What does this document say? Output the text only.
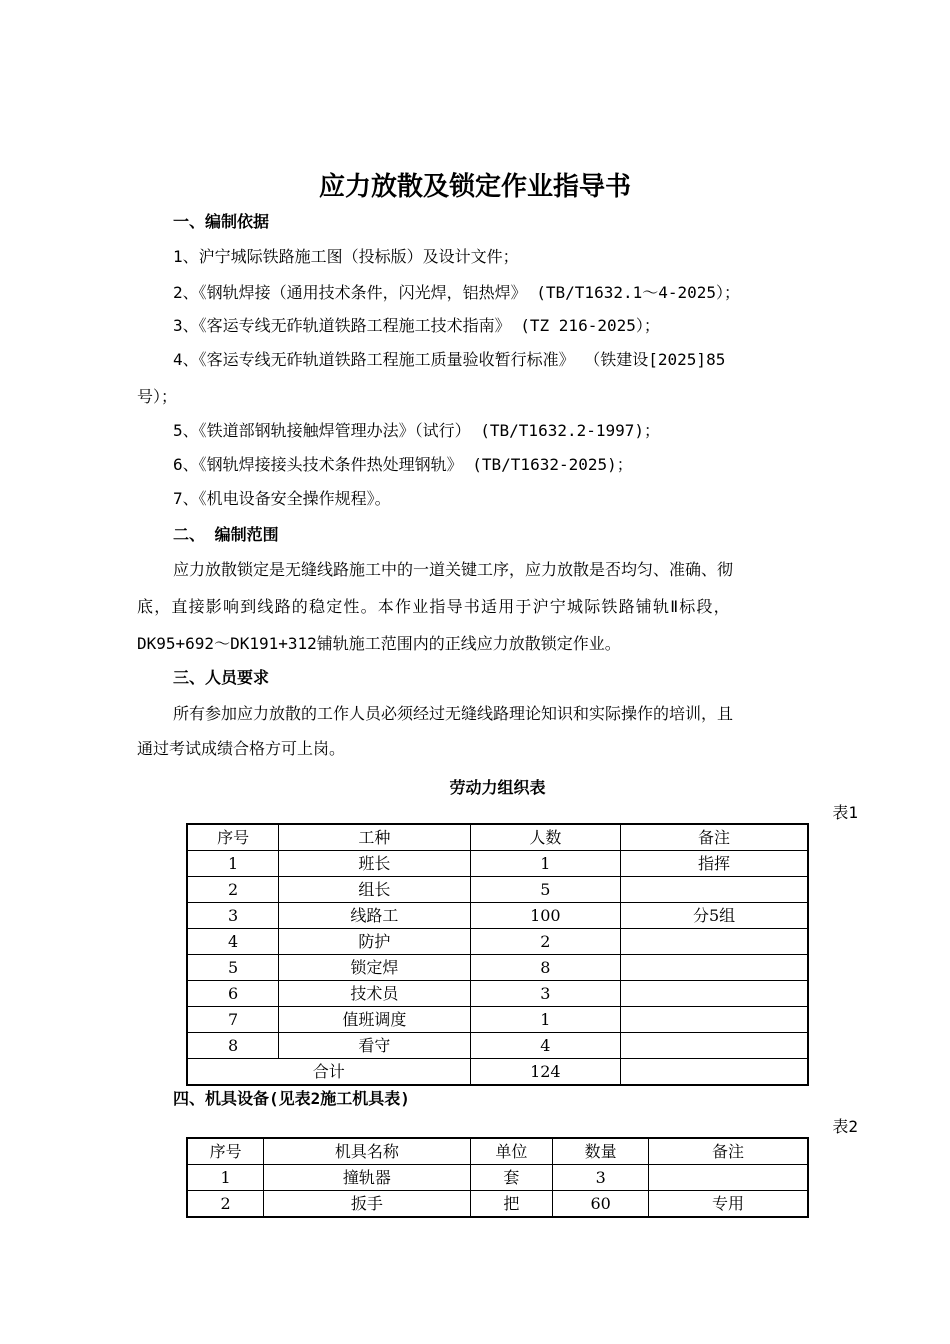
应力放散及锁定作业指导书
一、编制依据
1、沪宁城际铁路施工图（投标版）及设计文件；
2、《钢轨焊接（通用技术条件，闪光焊，铝热焊》 (TB/T1632.1～4-2025）；
3、《客运专线无砟轨道铁路工程施工技术指南》 (TZ 216-2025）；
4、《客运专线无砟轨道铁路工程施工质量验收暂行标准》 （铁建设[2025]85
号）；
5、《铁道部钢轨接触焊管理办法》（试行） (TB/T1632.2-1997)；
6、《钢轨焊接接头技术条件热处理钢轨》 (TB/T1632-2025)；
7、《机电设备安全操作规程》。
二、 编制范围
应力放散锁定是无缝线路施工中的一道关键工序，应力放散是否均匀、准确、彻
底，直接影响到线路的稳定性。本作业指导书适用于沪宁城际铁路铺轨Ⅱ标段，
DK95+692～DK191+312铺轨施工范围内的正线应力放散锁定作业。
三、人员要求
所有参加应力放散的工作人员必须经过无缝线路理论知识和实际操作的培训，且
通过考试成绩合格方可上岗。
劳动力组织表
表1
序号	工种	人数	备注
1	班长	1	指挥
2	组长	5	
3	线路工	100	分5组
4	防护	2	
5	锁定焊	8	
6	技术员	3	
7	值班调度	1	
8	看守	4	
合计		124	
四、机具设备(见表2施工机具表)
表2
序号	机具名称	单位	数量	备注
1	撞轨器	套	3	
2	扳手	把	60	专用
